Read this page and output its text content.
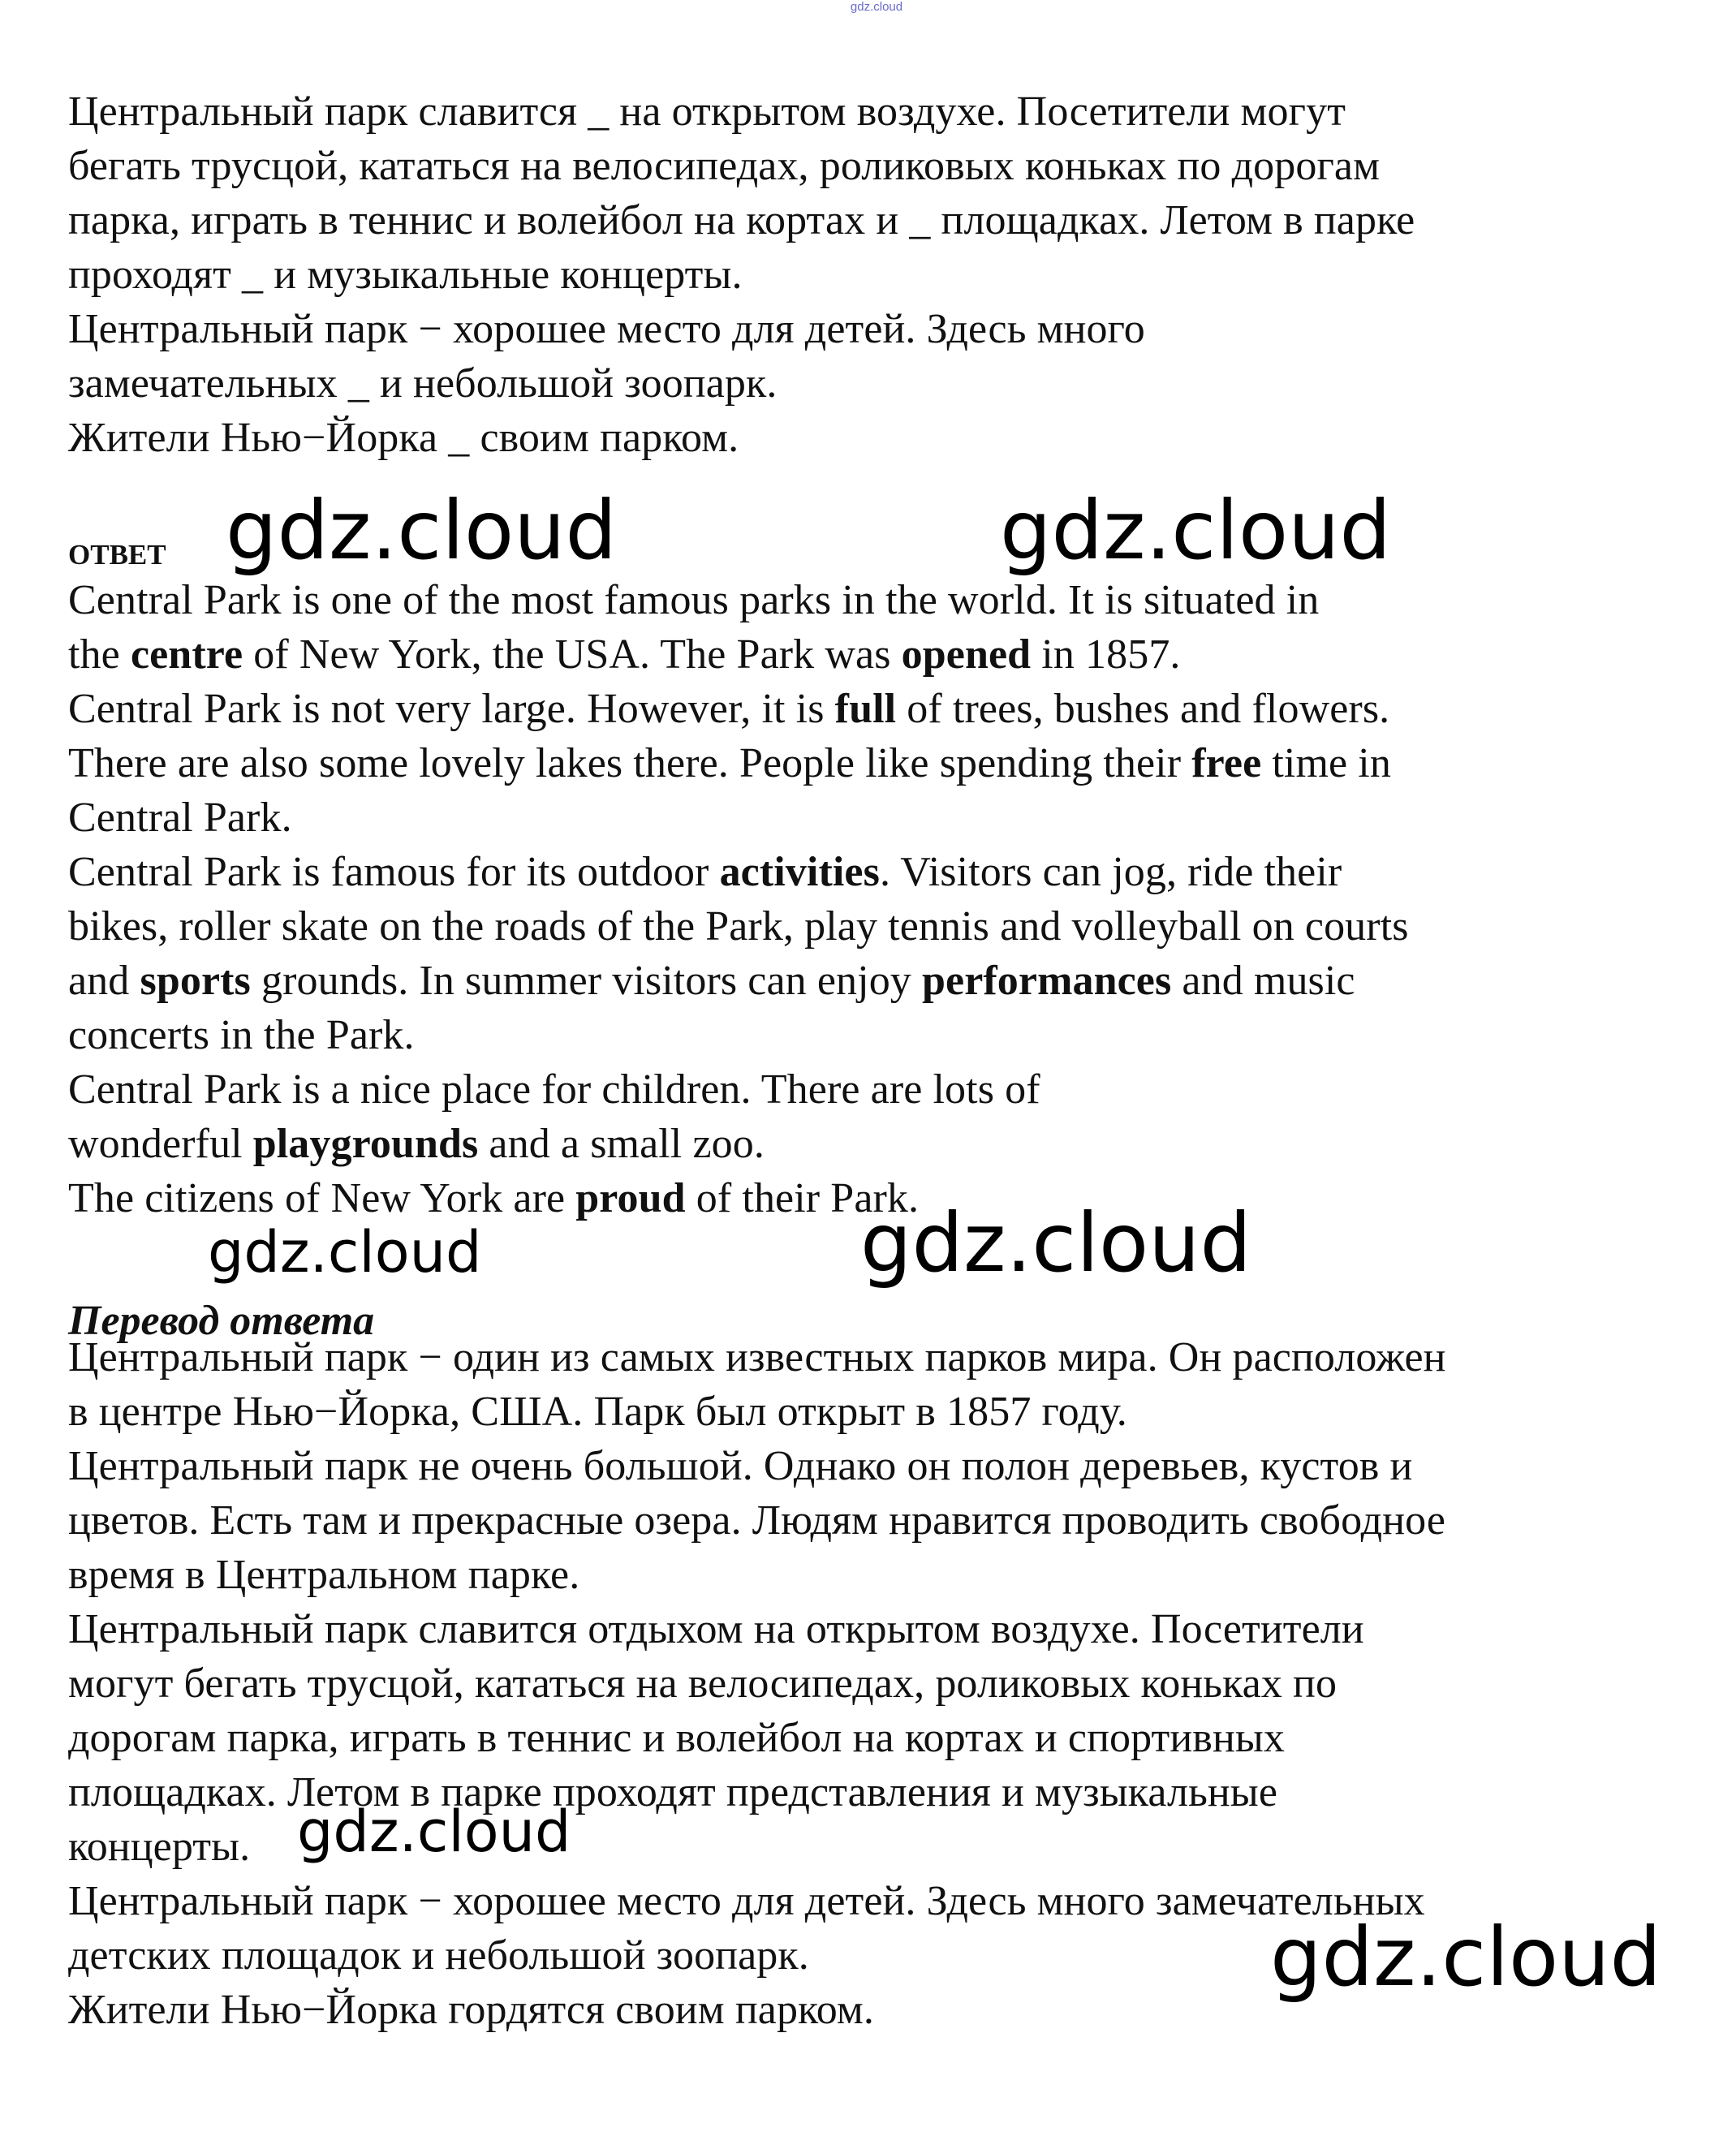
gdz.cloud
Центральный парк славится _ на открытом воздухе. Посетители могут
бегать трусцой, кататься на велосипедах, роликовых коньках по дорогам
парка, играть в теннис и волейбол на кортах и _ площадках. Летом в парке
проходят _ и музыкальные концерты.
Центральный парк − хорошее место для детей. Здесь много
замечательных _ и небольшой зоопарк.
Жители Нью−Йорка _ своим парком.
ответ
Central Park is one of the most famous parks in the world. It is situated in
the centre of New York, the USA. The Park was opened in 1857.
Central Park is not very large. However, it is full of trees, bushes and flowers.
There are also some lovely lakes there. People like spending their free time in
Central Park.
Central Park is famous for its outdoor activities. Visitors can jog, ride their
bikes, roller skate on the roads of the Park, play tennis and volleyball on courts
and sports grounds. In summer visitors can enjoy performances and music
concerts in the Park.
Central Park is a nice place for children. There are lots of
wonderful playgrounds and a small zoo.
The citizens of New York are proud of their Park.
Перевод ответа
Центральный парк − один из самых известных парков мира. Он расположен
в центре Нью−Йорка, США. Парк был открыт в 1857 году.
Центральный парк не очень большой. Однако он полон деревьев, кустов и
цветов. Есть там и прекрасные озера. Людям нравится проводить свободное
время в Центральном парке.
Центральный парк славится отдыхом на открытом воздухе. Посетители
могут бегать трусцой, кататься на велосипедах, роликовых коньках по
дорогам парка, играть в теннис и волейбол на кортах и спортивных
площадках. Летом в парке проходят представления и музыкальные
концерты.
Центральный парк − хорошее место для детей. Здесь много замечательных
детских площадок и небольшой зоопарк.
Жители Нью−Йорка гордятся своим парком.
gdz.cloud	gdz.cloud
gdz.cloud	gdz.cloud
gdz.cloud
gdz.cloud
